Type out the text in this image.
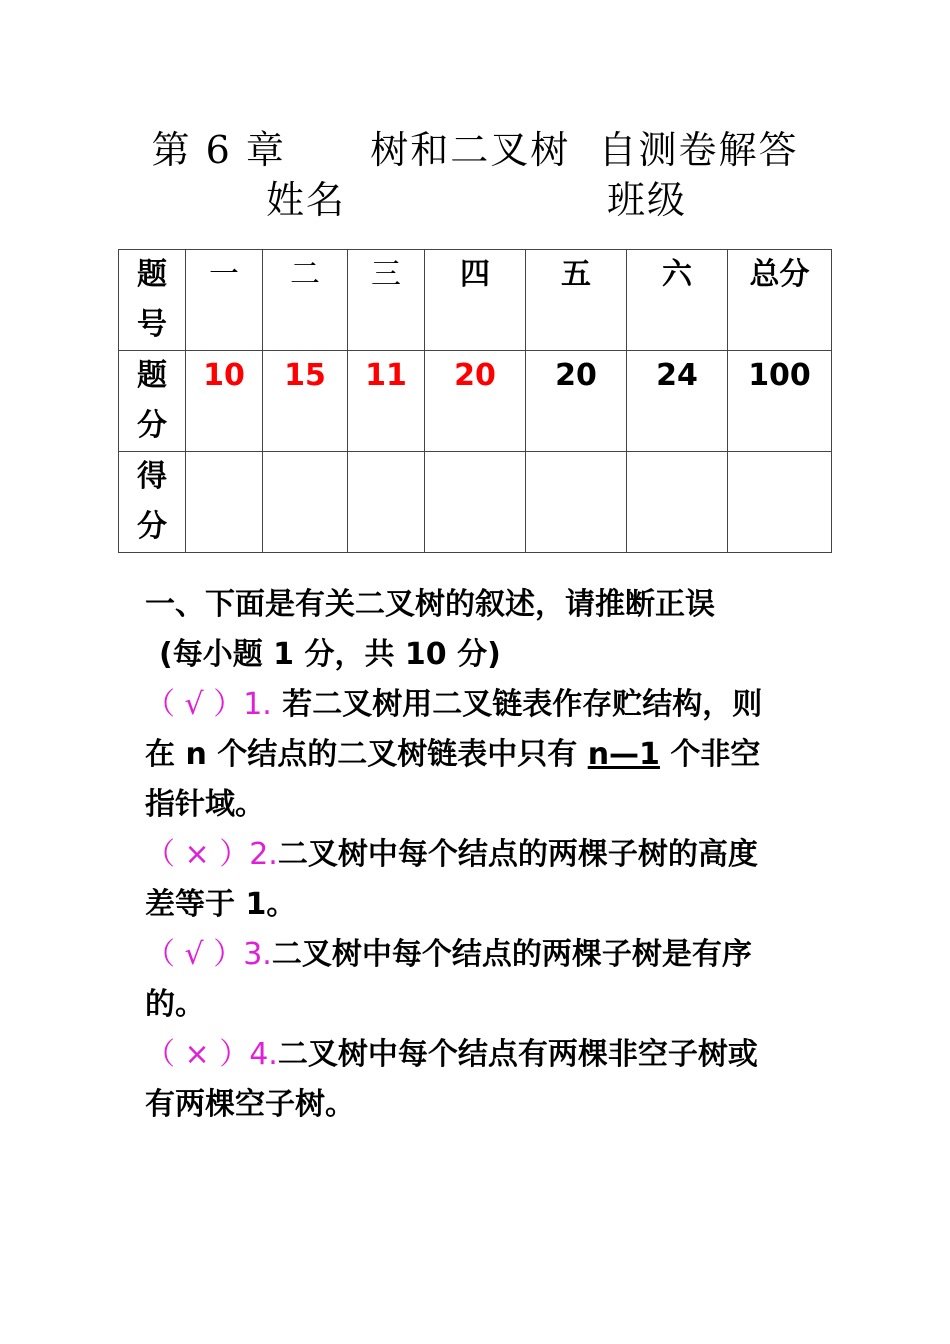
第 6 章      树和二叉树  自测卷解答
姓名	班级
题号	一	二	三	四	五	六	总分

题分	10	15	11	20	20	24	100

得分							

一、下面是有关二叉树的叙述，请推断正误
(每小题 1 分，共 10 分)
（ √ ）1. 若二叉树用二叉链表作存贮结构，则
在 n 个结点的二叉树链表中只有 n—1 个非空
指针域。
（ × ）2.二叉树中每个结点的两棵子树的高度
差等于 1。
（ √ ）3.二叉树中每个结点的两棵子树是有序
的。
（ × ）4.二叉树中每个结点有两棵非空子树或
有两棵空子树。
